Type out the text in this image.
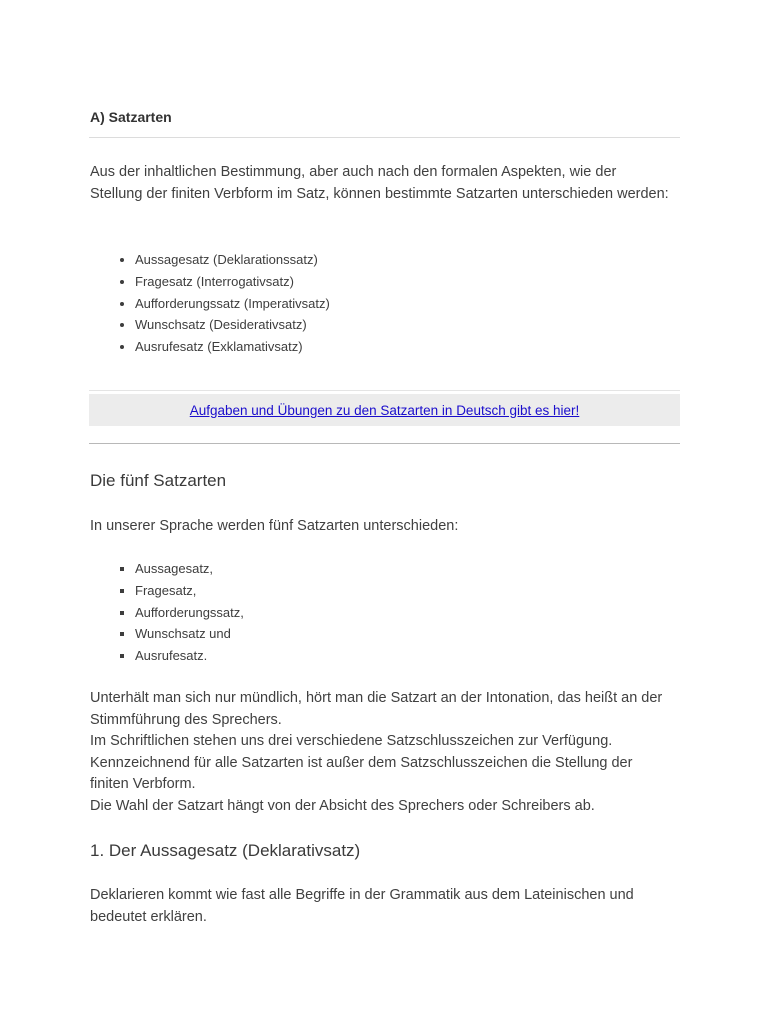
A) Satzarten
Aus der inhaltlichen Bestimmung, aber auch nach den formalen Aspekten, wie der Stellung der finiten Verbform im Satz, können bestimmte Satzarten unterschieden werden:
• Aussagesatz (Deklarationssatz)
• Fragesatz (Interrogativsatz)
• Aufforderungssatz (Imperativsatz)
• Wunschsatz (Desiderativsatz)
• Ausrufesatz (Exklamativsatz)
Aufgaben und Übungen zu den Satzarten in Deutsch gibt es hier!
Die fünf Satzarten
In unserer Sprache werden fünf Satzarten unterschieden:
▪ Aussagesatz,
▪ Fragesatz,
▪ Aufforderungssatz,
▪ Wunschsatz und
▪ Ausrufesatz.
Unterhält man sich nur mündlich, hört man die Satzart an der Intonation, das heißt an der Stimmführung des Sprechers.
Im Schriftlichen stehen uns drei verschiedene Satzschlusszeichen zur Verfügung.
Kennzeichnend für alle Satzarten ist außer dem Satzschlusszeichen die Stellung der finiten Verbform.
Die Wahl der Satzart hängt von der Absicht des Sprechers oder Schreibers ab.
1. Der Aussagesatz (Deklarativsatz)
Deklarieren kommt wie fast alle Begriffe in der Grammatik aus dem Lateinischen und bedeutet erklären.
